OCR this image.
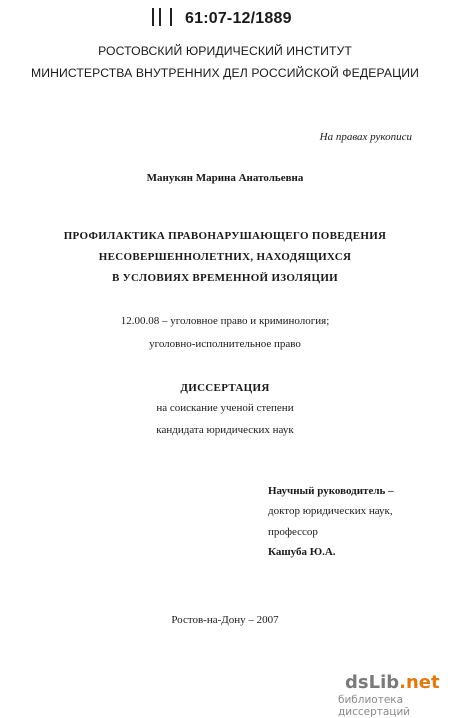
61:07-12/1889
РОСТОВСКИЙ ЮРИДИЧЕСКИЙ ИНСТИТУТ
МИНИСТЕРСТВА ВНУТРЕННИХ ДЕЛ РОССИЙСКОЙ ФЕДЕРАЦИИ
На правах рукописи
Манукян Марина Анатольевна
ПРОФИЛАКТИКА ПРАВОНАРУШАЮЩЕГО ПОВЕДЕНИЯ
НЕСОВЕРШЕННОЛЕТНИХ, НАХОДЯЩИХСЯ
В УСЛОВИЯХ ВРЕМЕННОЙ ИЗОЛЯЦИИ
12.00.08 – уголовное право и криминология;
уголовно-исполнительное право
ДИССЕРТАЦИЯ
на соискание ученой степени
кандидата юридических наук
Научный руководитель –
доктор юридических наук,
профессор
Кашуба Ю.А.
Ростов-на-Дону – 2007
dsLib.net
библиотека диссертаций
